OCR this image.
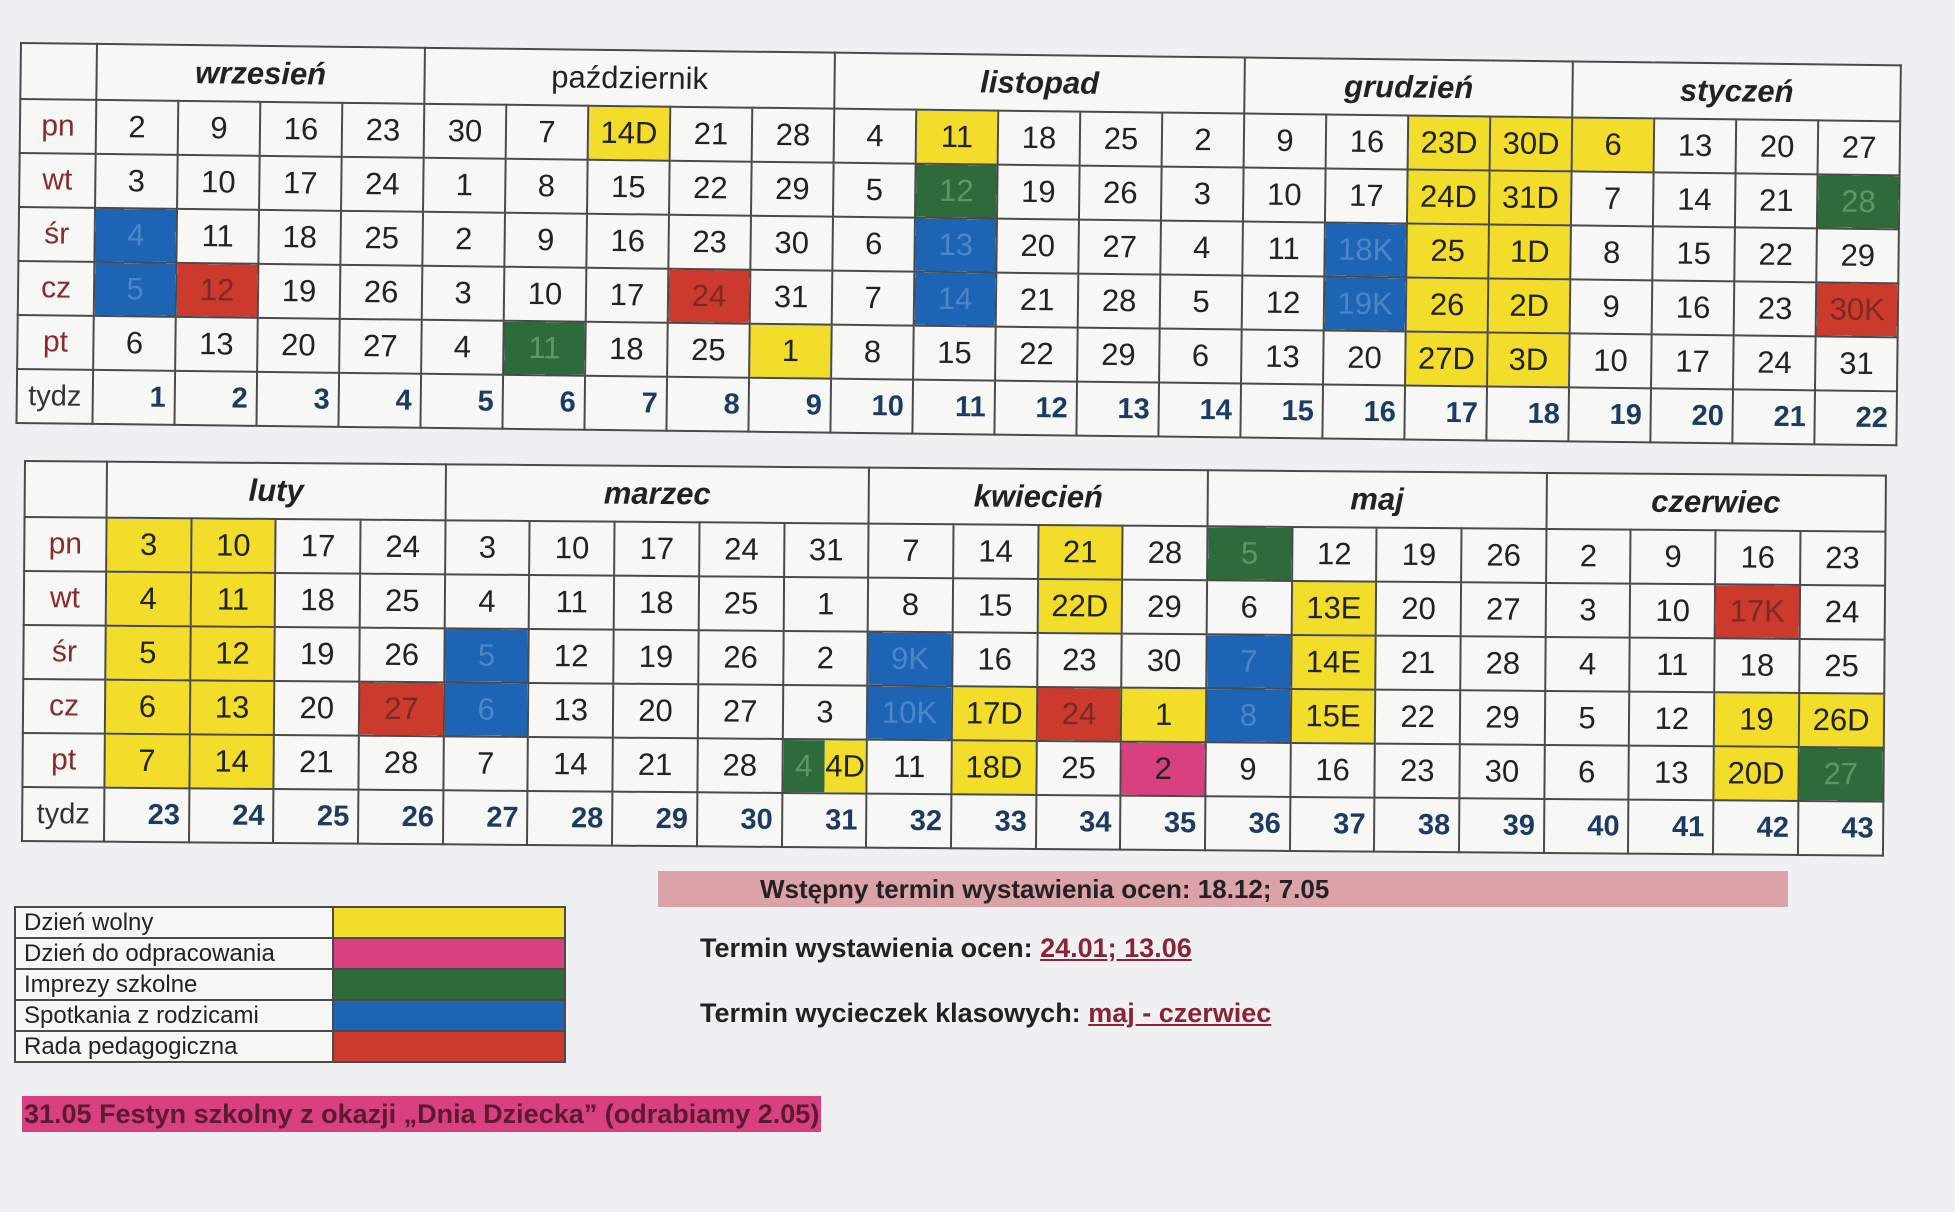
	wrzesień				październik					listopad					grudzień				styczeń			
pn	2	9	16	23	30	7	14D	21	28	4	11	18	25	2	9	16	23D	30D	6	13	20	27
wt	3	10	17	24	1	8	15	22	29	5	12	19	26	3	10	17	24D	31D	7	14	21	28
śr	4	11	18	25	2	9	16	23	30	6	13	20	27	4	11	18K	25	1D	8	15	22	29
cz	5	12	19	26	3	10	17	24	31	7	14	21	28	5	12	19K	26	2D	9	16	23	30K
pt	6	13	20	27	4	11	18	25	1	8	15	22	29	6	13	20	27D	3D	10	17	24	31
tydz	1	2	3	4	5	6	7	8	9	10	11	12	13	14	15	16	17	18	19	20	21	22
	luty				marzec					kwiecień				maj				czerwiec			
pn	3	10	17	24	3	10	17	24	31	7	14	21	28	5	12	19	26	2	9	16	23
wt	4	11	18	25	4	11	18	25	1	8	15	22D	29	6	13E	20	27	3	10	17K	24
śr	5	12	19	26	5	12	19	26	2	9K	16	23	30	7	14E	21	28	4	11	18	25
cz	6	13	20	27	6	13	20	27	3	10K	17D	24	1	8	15E	22	29	5	12	19	26D
pt	7	14	21	28	7	14	21	28	4 4D	11	18D	25	2	9	16	23	30	6	13	20D	27
tydz	23	24	25	26	27	28	29	30	31	32	33	34	35	36	37	38	39	40	41	42	43
Dzień wolny	
Dzień do odpracowania	
Imprezy szkolne	
Spotkania z rodzicami	
Rada pedagogiczna	
Wstępny termin wystawienia ocen: 18.12; 7.05
Termin wystawienia ocen: 24.01; 13.06
Termin wycieczek klasowych: maj - czerwiec
31.05 Festyn szkolny z okazji „Dnia Dziecka” (odrabiamy 2.05)
